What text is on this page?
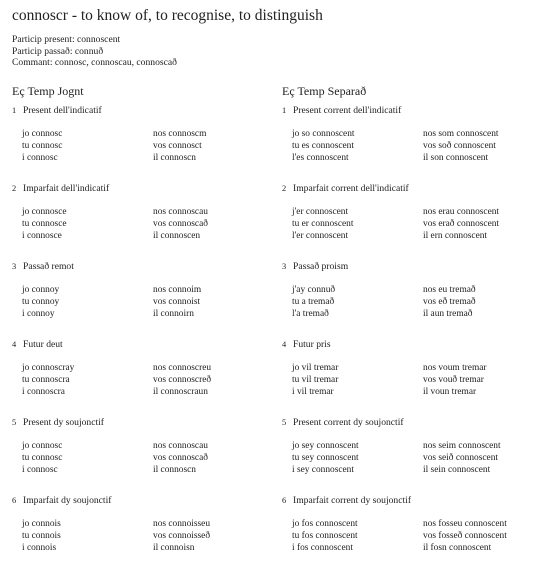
connoscr - to know of, to recognise, to distinguish
Particip present: connoscent
Particip passað: connuð
Commant: connosc, connoscau, connoscað
Eç Temp Jognt
1 Present dell'indicatif
jo connosc	nos connoscm
tu connosc	vos connosct
i connosc	il connoscn
2 Imparfait dell'indicatif
jo connosce	nos connoscau
tu connosce	vos connoscað
i connosce	il connoscen
3 Passað remot
jo connoy	nos connoim
tu connoy	vos connoist
i connoy	il connoirn
4 Futur deut
jo connoscray	nos connoscreu
tu connoscra	vos connoscreð
i connoscra	il connoscraun
5 Present dy soujonctif
jo connosc	nos connoscau
tu connosc	vos connoscað
i connosc	il connoscn
6 Imparfait dy soujonctif
jo connois	nos connoisseu
tu connois	vos connoisseð
i connois	il connoisn
Eç Temp Separað
1 Present corrent dell'indicatif
jo so connoscent	nos som connoscent
tu es connoscent	vos soð connoscent
l'es connoscent	il son connoscent
2 Imparfait corrent dell'indicatif
j'er connoscent	nos erau connoscent
tu er connoscent	vos erað connoscent
l'er connoscent	il ern connoscent
3 Passað proism
j'ay connuð	nos eu tremað
tu a tremað	vos eð tremað
l'a tremað	il aun tremað
4 Futur pris
jo vil tremar	nos voum tremar
tu vil tremar	vos vouð tremar
i vil tremar	il voun tremar
5 Present corrent dy soujonctif
jo sey connoscent	nos seim connoscent
tu sey connoscent	vos seið connoscent
i sey connoscent	il sein connoscent
6 Imparfait corrent dy soujonctif
jo fos connoscent	nos fosseu connoscent
tu fos connoscent	vos fosseð connoscent
i fos connoscent	il fosn connoscent
